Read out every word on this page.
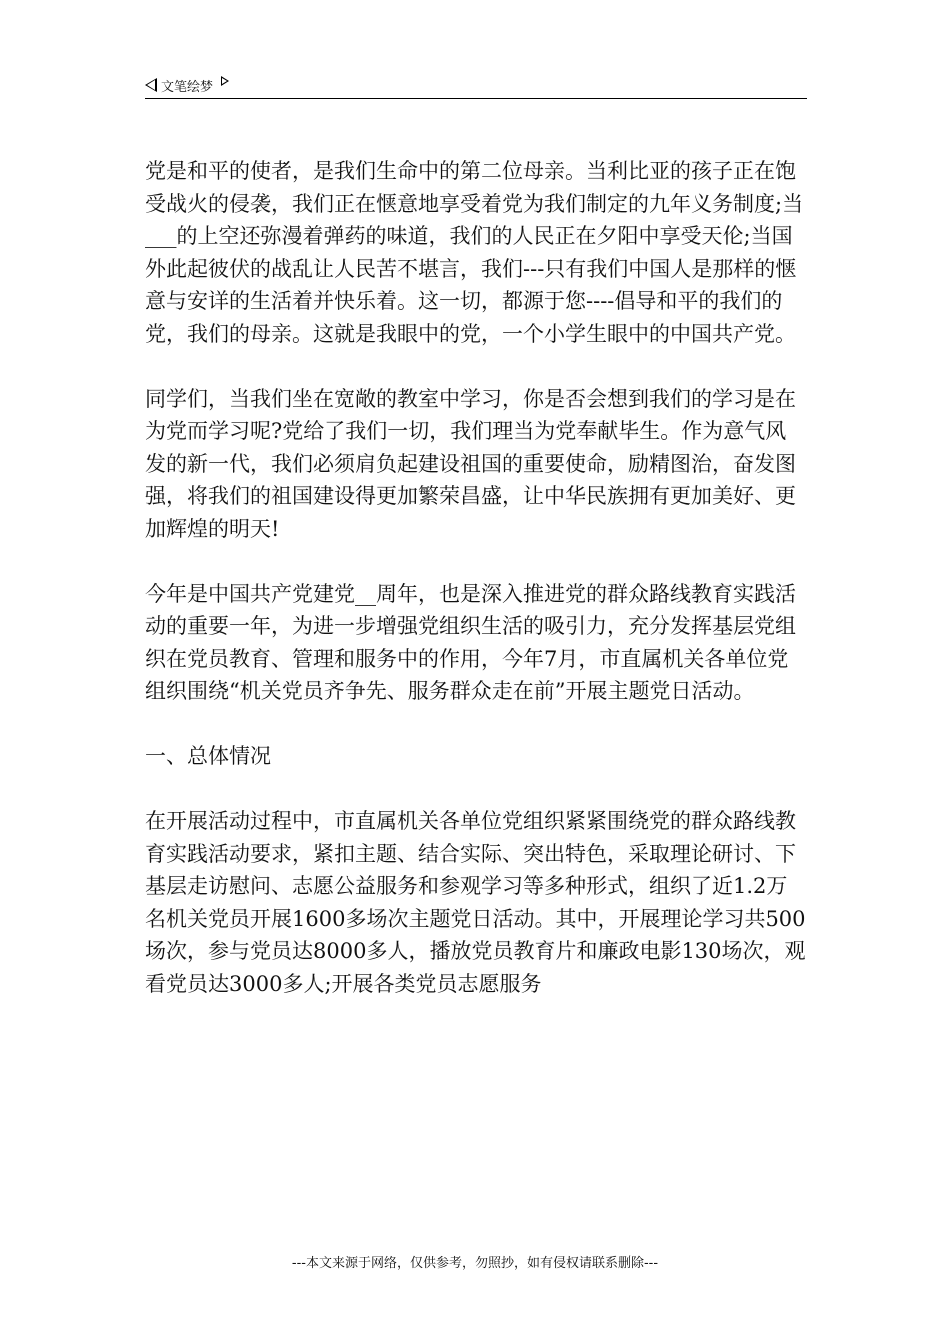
文笔绘梦

党是和平的使者，是我们生命中的第二位母亲。当利比亚的孩子正在饱受战火的侵袭，我们正在惬意地享受着党为我们制定的九年义务制度;当 ___的上空还弥漫着弹药的味道，我们的人民正在夕阳中享受天伦;当国外此起彼伏的战乱让人民苦不堪言，我们---只有我们中国人是那样的惬意与安详的生活着并快乐着。这一切，都源于您----倡导和平的我们的党，我们的母亲。这就是我眼中的党，一个小学生眼中的中国共产党。

同学们，当我们坐在宽敞的教室中学习，你是否会想到我们的学习是在为党而学习呢?党给了我们一切，我们理当为党奉献毕生。作为意气风发的新一代，我们必须肩负起建设祖国的重要使命，励精图治，奋发图强，将我们的祖国建设得更加繁荣昌盛，让中华民族拥有更加美好、更加辉煌的明天!

今年是中国共产党建党__周年，也是深入推进党的群众路线教育实践活动的重要一年，为进一步增强党组织生活的吸引力，充分发挥基层党组织在党员教育、管理和服务中的作用，今年7月，市直属机关各单位党组织围绕“机关党员齐争先、服务群众走在前”开展主题党日活动。

一、总体情况

在开展活动过程中，市直属机关各单位党组织紧紧围绕党的群众路线教育实践活动要求，紧扣主题、结合实际、突出特色，采取理论研讨、下基层走访慰问、志愿公益服务和参观学习等多种形式，组织了近1.2万名机关党员开展1600多场次主题党日活动。其中，开展理论学习共500场次，参与党员达8000多人，播放党员教育片和廉政电影130场次，观看党员达3000多人;开展各类党员志愿服务

---本文来源于网络，仅供参考，勿照抄，如有侵权请联系删除---
